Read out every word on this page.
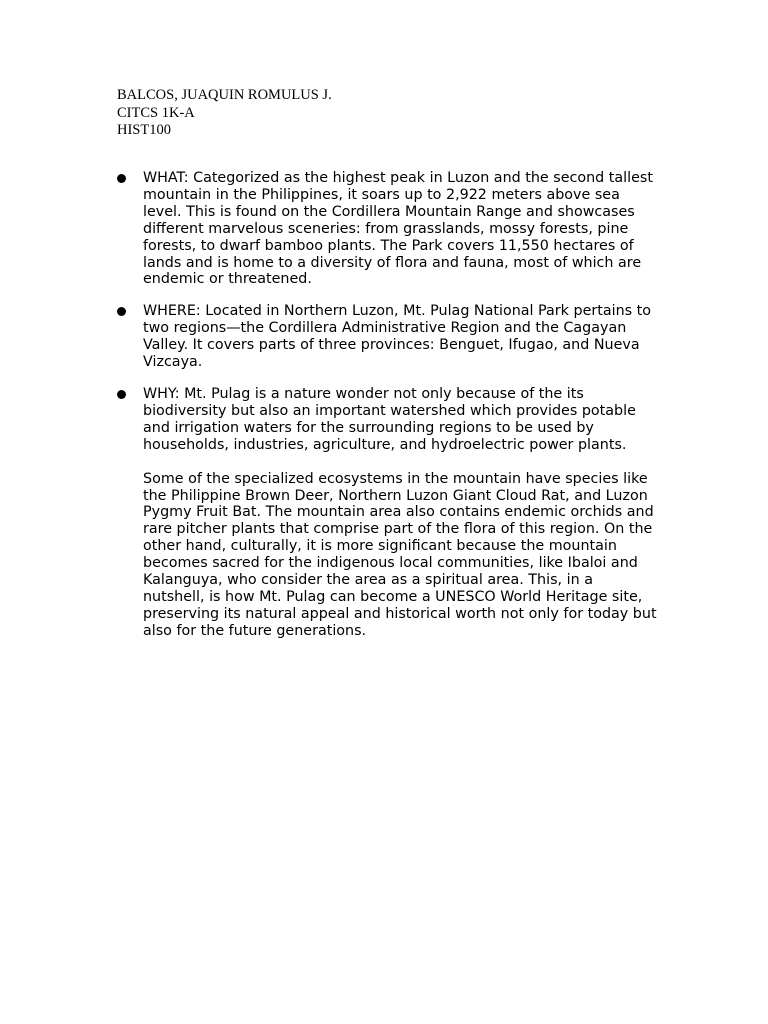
BALCOS, JUAQUIN ROMULUS J.
CITCS 1K-A
HIST100
WHAT: Categorized as the highest peak in Luzon and the second tallest mountain in the Philippines, it soars up to 2,922 meters above sea level. This is found on the Cordillera Mountain Range and showcases different marvelous sceneries: from grasslands, mossy forests, pine forests, to dwarf bamboo plants. The Park covers 11,550 hectares of lands and is home to a diversity of flora and fauna, most of which are endemic or threatened.
WHERE: Located in Northern Luzon, Mt. Pulag National Park pertains to two regions—the Cordillera Administrative Region and the Cagayan Valley. It covers parts of three provinces: Benguet, Ifugao, and Nueva Vizcaya.
WHY: Mt. Pulag is a nature wonder not only because of the its biodiversity but also an important watershed which provides potable and irrigation waters for the surrounding regions to be used by households, industries, agriculture, and hydroelectric power plants.
Some of the specialized ecosystems in the mountain have species like the Philippine Brown Deer, Northern Luzon Giant Cloud Rat, and Luzon Pygmy Fruit Bat. The mountain area also contains endemic orchids and rare pitcher plants that comprise part of the flora of this region. On the other hand, culturally, it is more significant because the mountain becomes sacred for the indigenous local communities, like Ibaloi and Kalanguya, who consider the area as a spiritual area. This, in a nutshell, is how Mt. Pulag can become a UNESCO World Heritage site, preserving its natural appeal and historical worth not only for today but also for the future generations.
